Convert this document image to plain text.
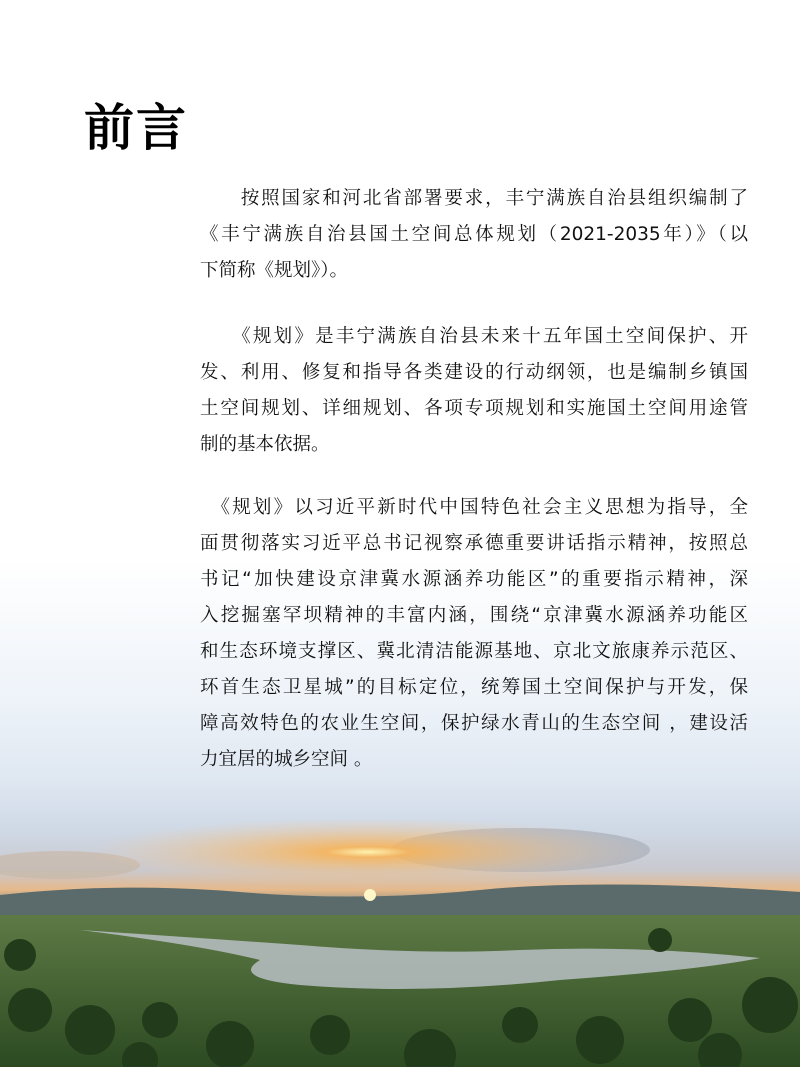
前言
　　按照国家和河北省部署要求，丰宁满族自治县组织编制了
《丰宁满族自治县国土空间总体规划（2021-2035年）》（以
下简称《规划》）。
　　《规划》是丰宁满族自治县未来十五年国土空间保护、开
发、利用、修复和指导各类建设的行动纲领，也是编制乡镇国
土空间规划、详细规划、各项专项规划和实施国土空间用途管
制的基本依据。
　《规划》以习近平新时代中国特色社会主义思想为指导，全
面贯彻落实习近平总书记视察承德重要讲话指示精神，按照总
书记“加快建设京津冀水源涵养功能区”的重要指示精神，深
入挖掘塞罕坝精神的丰富内涵，围绕“京津冀水源涵养功能区
和生态环境支撑区、冀北清洁能源基地、京北文旅康养示范区、
环首生态卫星城”的目标定位，统筹国土空间保护与开发，保
障高效特色的农业生空间，保护绿水青山的生态空间 ，建设活
力宜居的城乡空间 。
